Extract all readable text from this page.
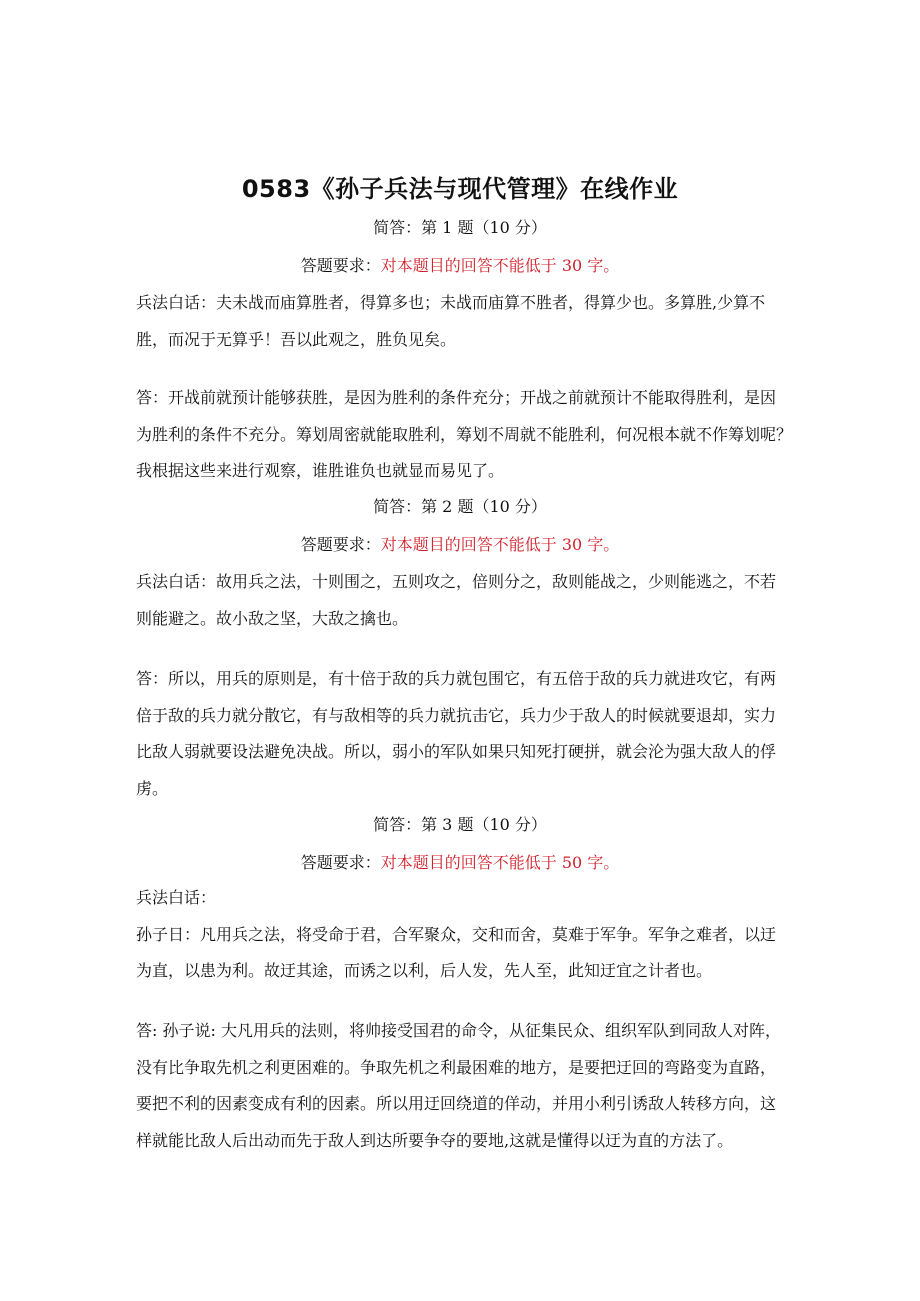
0583《孙子兵法与现代管理》在线作业
简答：第 1 题（10 分）
答题要求：对本题目的回答不能低于 30 字。

兵法白话：夫未战而庙算胜者，得算多也；未战而庙算不胜者，得算少也。多算胜,少算不
胜，而况于无算乎！吾以此观之，胜负见矣。

答：开战前就预计能够获胜，是因为胜利的条件充分；开战之前就预计不能取得胜利，是因
为胜利的条件不充分。筹划周密就能取胜利，筹划不周就不能胜利，何况根本就不作筹划呢？
我根据这些来进行观察，谁胜谁负也就显而易见了。

简答：第 2 题（10 分）
答题要求：对本题目的回答不能低于 30 字。

兵法白话：故用兵之法，十则围之，五则攻之，倍则分之，敌则能战之，少则能逃之，不若
则能避之。故小敌之坚，大敌之擒也。

答：所以，用兵的原则是，有十倍于敌的兵力就包围它，有五倍于敌的兵力就进攻它，有两
倍于敌的兵力就分散它，有与敌相等的兵力就抗击它，兵力少于敌人的时候就要退却，实力
比敌人弱就要设法避免决战。所以，弱小的军队如果只知死打硬拼，就会沦为强大敌人的俘
虏。

简答：第 3 题（10 分）
答题要求：对本题目的回答不能低于 50 字。

兵法白话：
孙子日：凡用兵之法，将受命于君，合军聚众，交和而舍，莫难于军争。军争之难者，以迂
为直，以患为利。故迂其途，而诱之以利，后人发，先人至，此知迂宜之计者也。

答: 孙子说: 大凡用兵的法则，将帅接受国君的命令，从征集民众、组织军队到同敌人对阵，
没有比争取先机之利更困难的。争取先机之利最困难的地方，是要把迂回的弯路变为直路，
要把不利的因素变成有利的因素。所以用迂回绕道的佯动，并用小利引诱敌人转移方向，这
样就能比敌人后出动而先于敌人到达所要争夺的要地,这就是懂得以迂为直的方法了。
